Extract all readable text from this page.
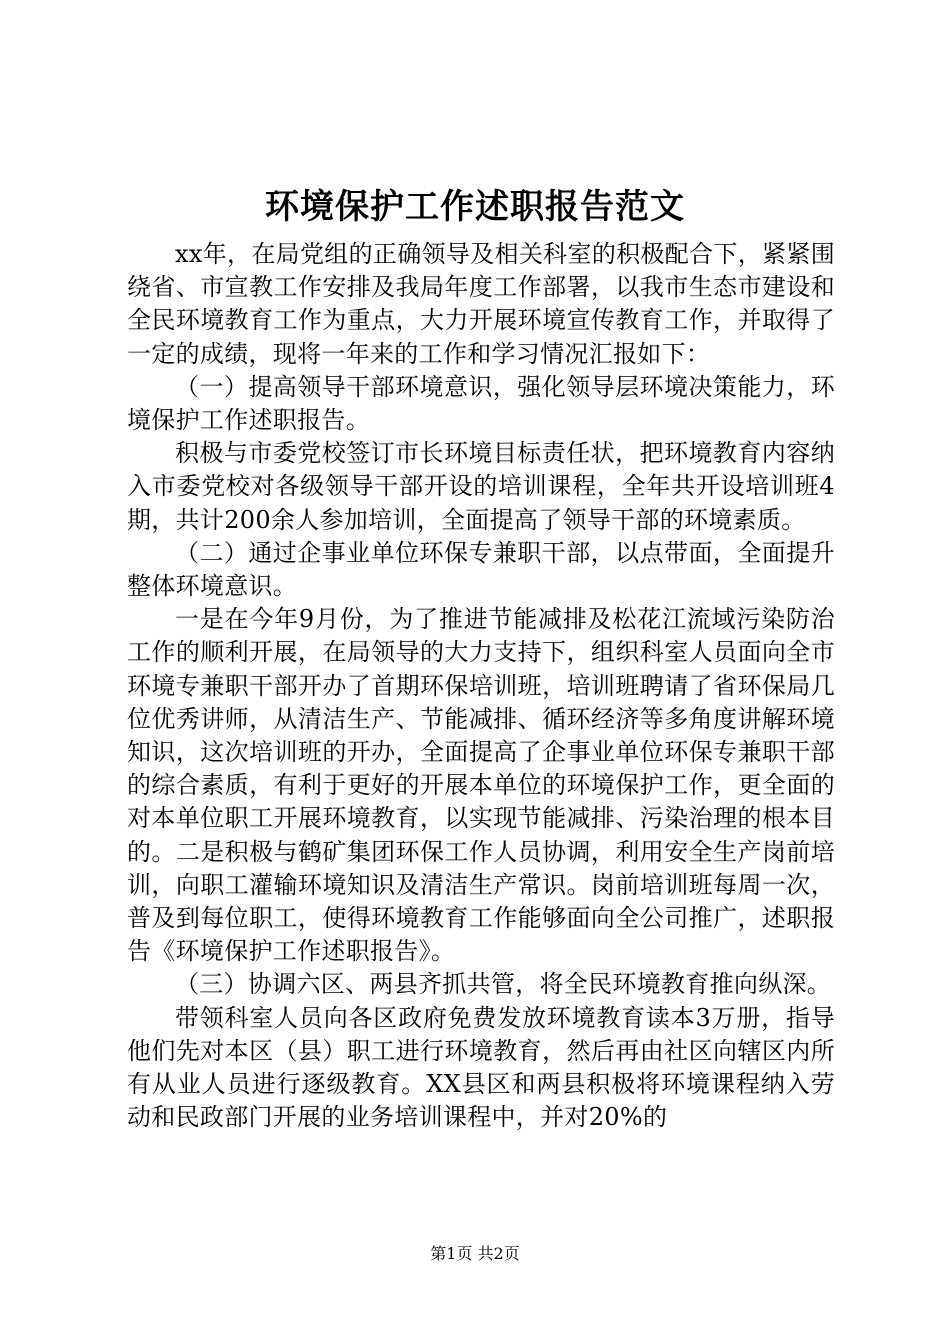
环境保护工作述职报告范文

xx年，在局党组的正确领导及相关科室的积极配合下，紧紧围绕省、市宣教工作安排及我局年度工作部署，以我市生态市建设和全民环境教育工作为重点，大力开展环境宣传教育工作，并取得了一定的成绩，现将一年来的工作和学习情况汇报如下：

（一）提高领导干部环境意识，强化领导层环境决策能力，环境保护工作述职报告。

积极与市委党校签订市长环境目标责任状，把环境教育内容纳入市委党校对各级领导干部开设的培训课程，全年共开设培训班4期，共计200余人参加培训，全面提高了领导干部的环境素质。

（二）通过企事业单位环保专兼职干部，以点带面，全面提升整体环境意识。

一是在今年9月份，为了推进节能减排及松花江流域污染防治工作的顺利开展，在局领导的大力支持下，组织科室人员面向全市环境专兼职干部开办了首期环保培训班，培训班聘请了省环保局几位优秀讲师，从清洁生产、节能减排、循环经济等多角度讲解环境知识，这次培训班的开办，全面提高了企事业单位环保专兼职干部的综合素质，有利于更好的开展本单位的环境保护工作，更全面的对本单位职工开展环境教育，以实现节能减排、污染治理的根本目的。二是积极与鹤矿集团环保工作人员协调，利用安全生产岗前培训，向职工灌输环境知识及清洁生产常识。岗前培训班每周一次，普及到每位职工，使得环境教育工作能够面向全公司推广，述职报告《环境保护工作述职报告》。

（三）协调六区、两县齐抓共管，将全民环境教育推向纵深。

带领科室人员向各区政府免费发放环境教育读本3万册，指导他们先对本区（县）职工进行环境教育，然后再由社区向辖区内所有从业人员进行逐级教育。XX县区和两县积极将环境课程纳入劳动和民政部门开展的业务培训课程中，并对20%的

第1页 共2页
